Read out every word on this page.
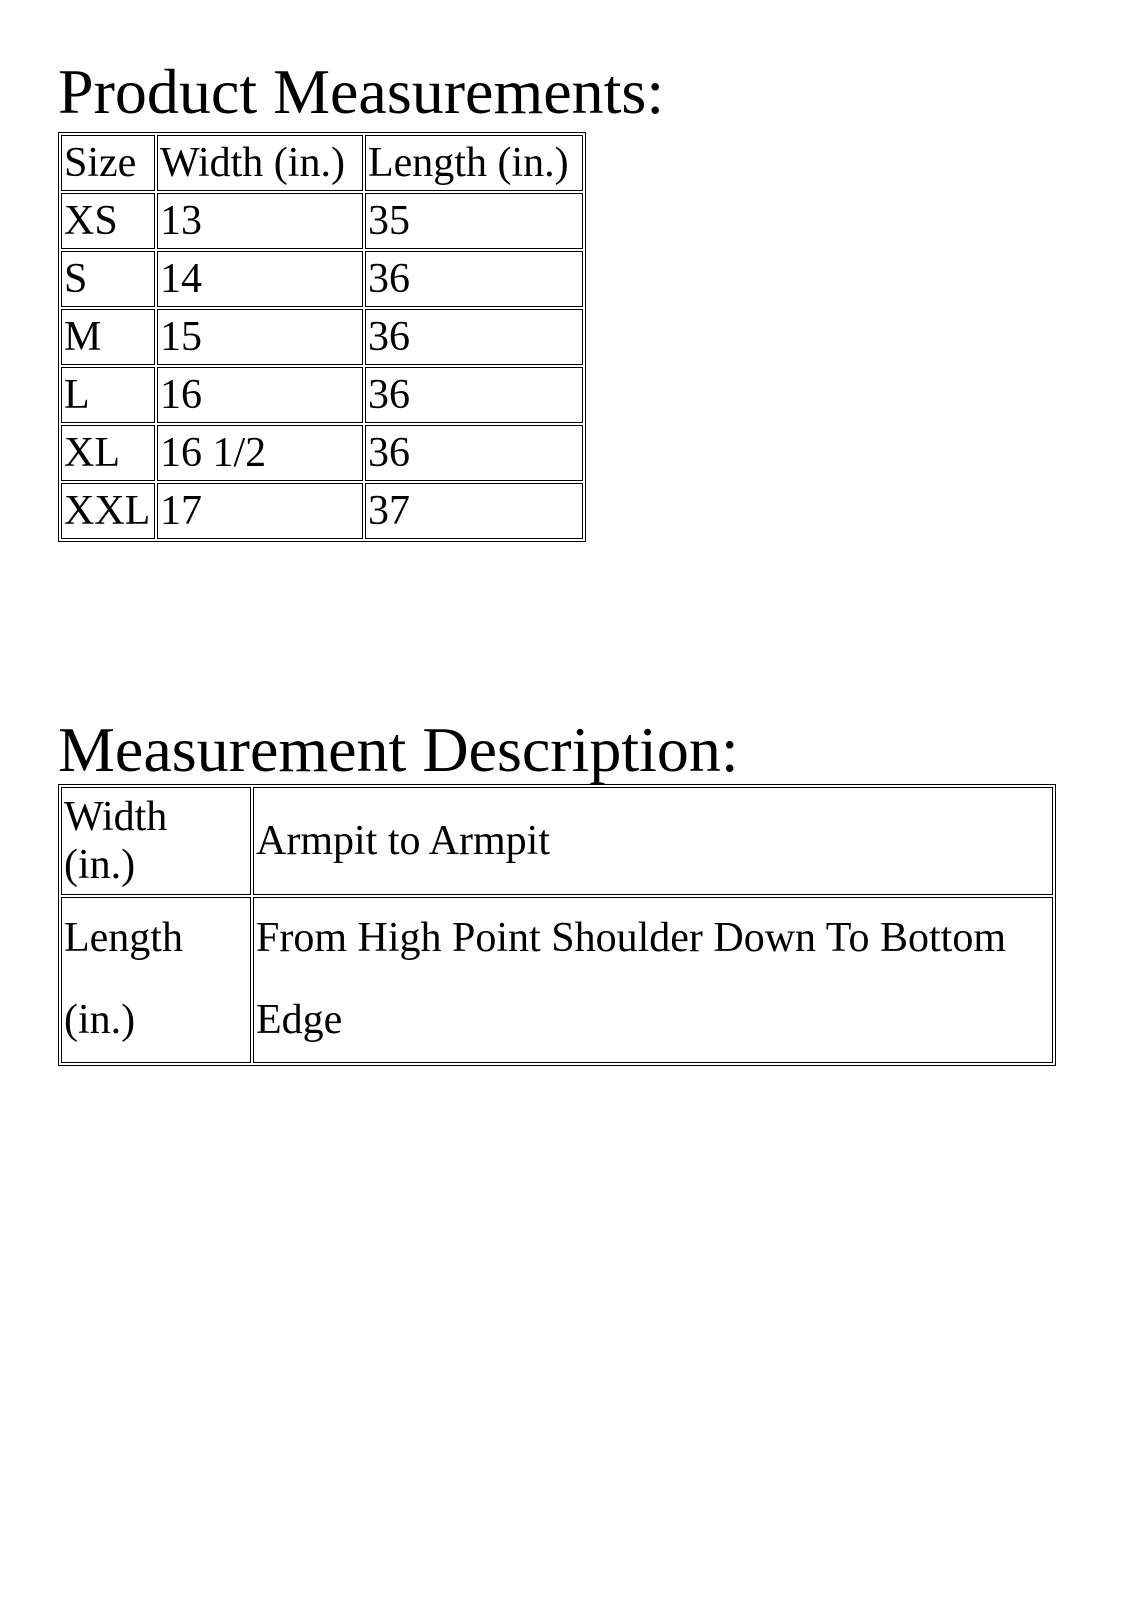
Product Measurements:
Size	Width (in.)	Length (in.)
XS	13	35
S	14	36
M	15	36
L	16	36
XL	16 1/2	36
XXL	17	37
Measurement Description:
Width (in.)	Armpit to Armpit
Length (in.)	From High Point Shoulder Down To Bottom Edge
